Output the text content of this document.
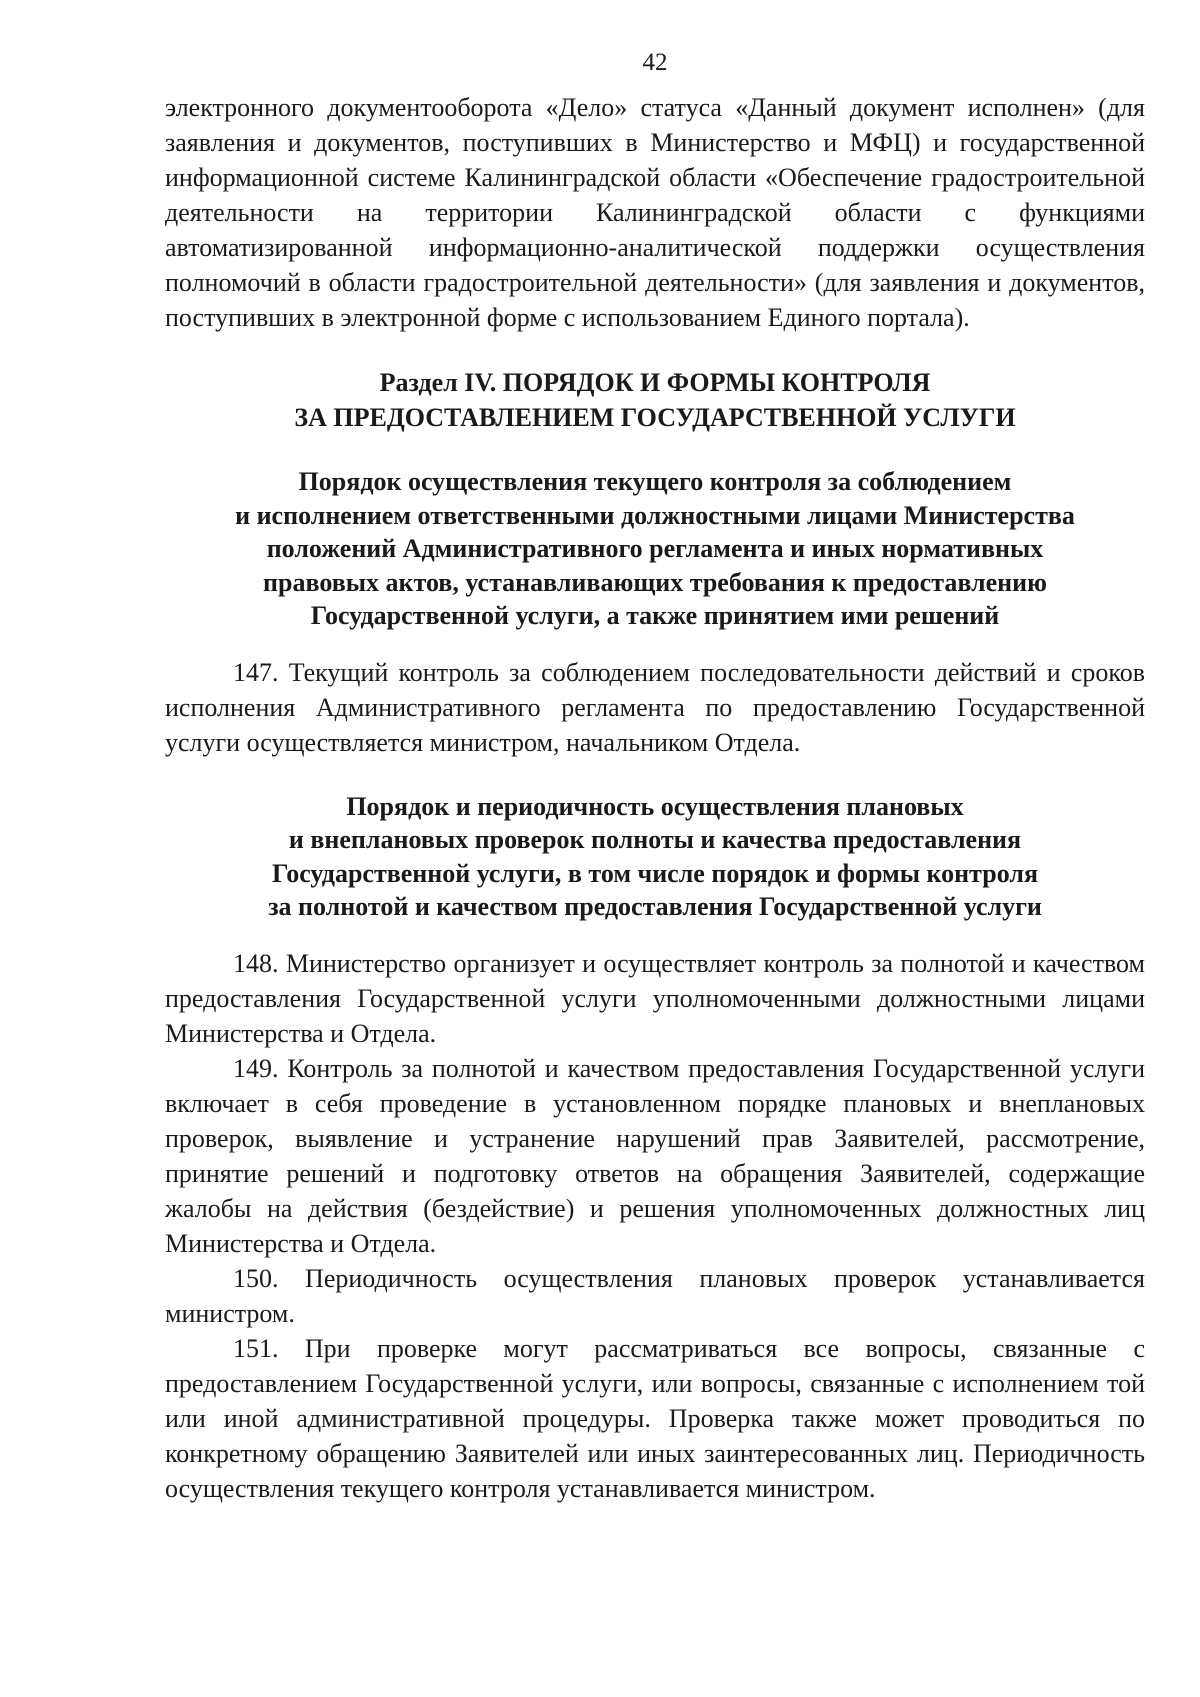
42

электронного документооборота «Дело» статуса «Данный документ исполнен» (для заявления и документов, поступивших в Министерство и МФЦ) и государственной информационной системе Калининградской области «Обеспечение градостроительной деятельности на территории Калининградской области с функциями автоматизированной информационно-аналитической поддержки осуществления полномочий в области градостроительной деятельности» (для заявления и документов, поступивших в электронной форме с использованием Единого портала).

Раздел IV. ПОРЯДОК И ФОРМЫ КОНТРОЛЯ
ЗА ПРЕДОСТАВЛЕНИЕМ ГОСУДАРСТВЕННОЙ УСЛУГИ
Порядок осуществления текущего контроля за соблюдением
и исполнением ответственными должностными лицами Министерства
положений Административного регламента и иных нормативных
правовых актов, устанавливающих требования к предоставлению
Государственной услуги, а также принятием ими решений

147. Текущий контроль за соблюдением последовательности действий и сроков исполнения Административного регламента по предоставлению Государственной услуги осуществляется министром, начальником Отдела.

Порядок и периодичность осуществления плановых
и внеплановых проверок полноты и качества предоставления
Государственной услуги, в том числе порядок и формы контроля
за полнотой и качеством предоставления Государственной услуги

148. Министерство организует и осуществляет контроль за полнотой и качеством предоставления Государственной услуги уполномоченными должностными лицами Министерства и Отдела.

149. Контроль за полнотой и качеством предоставления Государственной услуги включает в себя проведение в установленном порядке плановых и внеплановых проверок, выявление и устранение нарушений прав Заявителей, рассмотрение, принятие решений и подготовку ответов на обращения Заявителей, содержащие жалобы на действия (бездействие) и решения уполномоченных должностных лиц Министерства и Отдела.

150. Периодичность осуществления плановых проверок устанавливается министром.

151. При проверке могут рассматриваться все вопросы, связанные с предоставлением Государственной услуги, или вопросы, связанные с исполнением той или иной административной процедуры. Проверка также может проводиться по конкретному обращению Заявителей или иных заинтересованных лиц. Периодичность осуществления текущего контроля устанавливается министром.
